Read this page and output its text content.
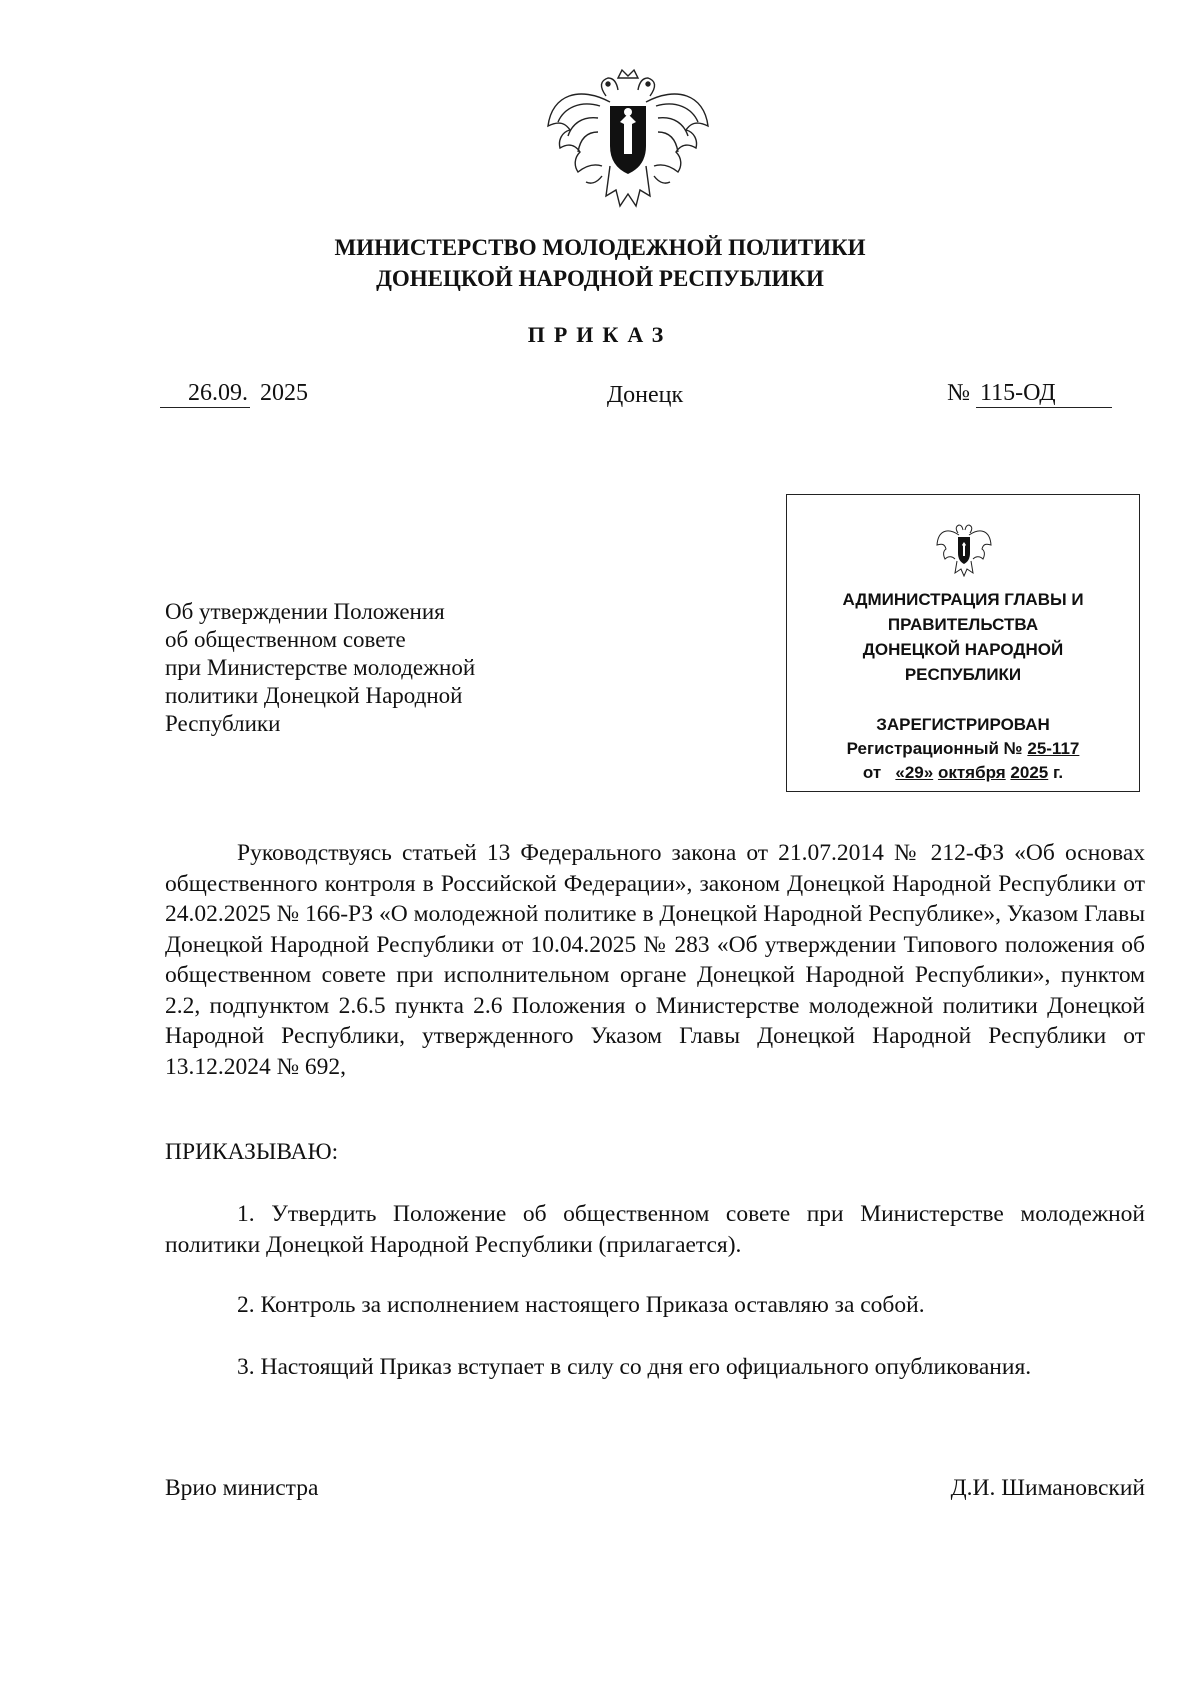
МИНИСТЕРСТВО МОЛОДЕЖНОЙ ПОЛИТИКИ
ДОНЕЦКОЙ НАРОДНОЙ РЕСПУБЛИКИ
ПРИКАЗ
26.09. 2025	Донецк	№ 115-ОД
Об утверждении Положения
об общественном совете
при Министерстве молодежной
политики Донецкой Народной
Республики
АДМИНИСТРАЦИЯ ГЛАВЫ И
ПРАВИТЕЛЬСТВА
ДОНЕЦКОЙ НАРОДНОЙ
РЕСПУБЛИКИ
ЗАРЕГИСТРИРОВАН
Регистрационный № 25-117
от «29» октября 2025 г.

Руководствуясь статьей 13 Федерального закона от 21.07.2014 № 212-ФЗ «Об основах общественного контроля в Российской Федерации», законом Донецкой Народной Республики от 24.02.2025 № 166-РЗ «О молодежной политике в Донецкой Народной Республике», Указом Главы Донецкой Народной Республики от 10.04.2025 № 283 «Об утверждении Типового положения об общественном совете при исполнительном органе Донецкой Народной Республики», пунктом 2.2, подпунктом 2.6.5 пункта 2.6 Положения о Министерстве молодежной политики Донецкой Народной Республики, утвержденного Указом Главы Донецкой Народной Республики от 13.12.2024 № 692,

ПРИКАЗЫВАЮ:

1. Утвердить Положение об общественном совете при Министерстве молодежной политики Донецкой Народной Республики (прилагается).

2. Контроль за исполнением настоящего Приказа оставляю за собой.

3. Настоящий Приказ вступает в силу со дня его официального опубликования.

Врио министра	Д.И. Шимановский
